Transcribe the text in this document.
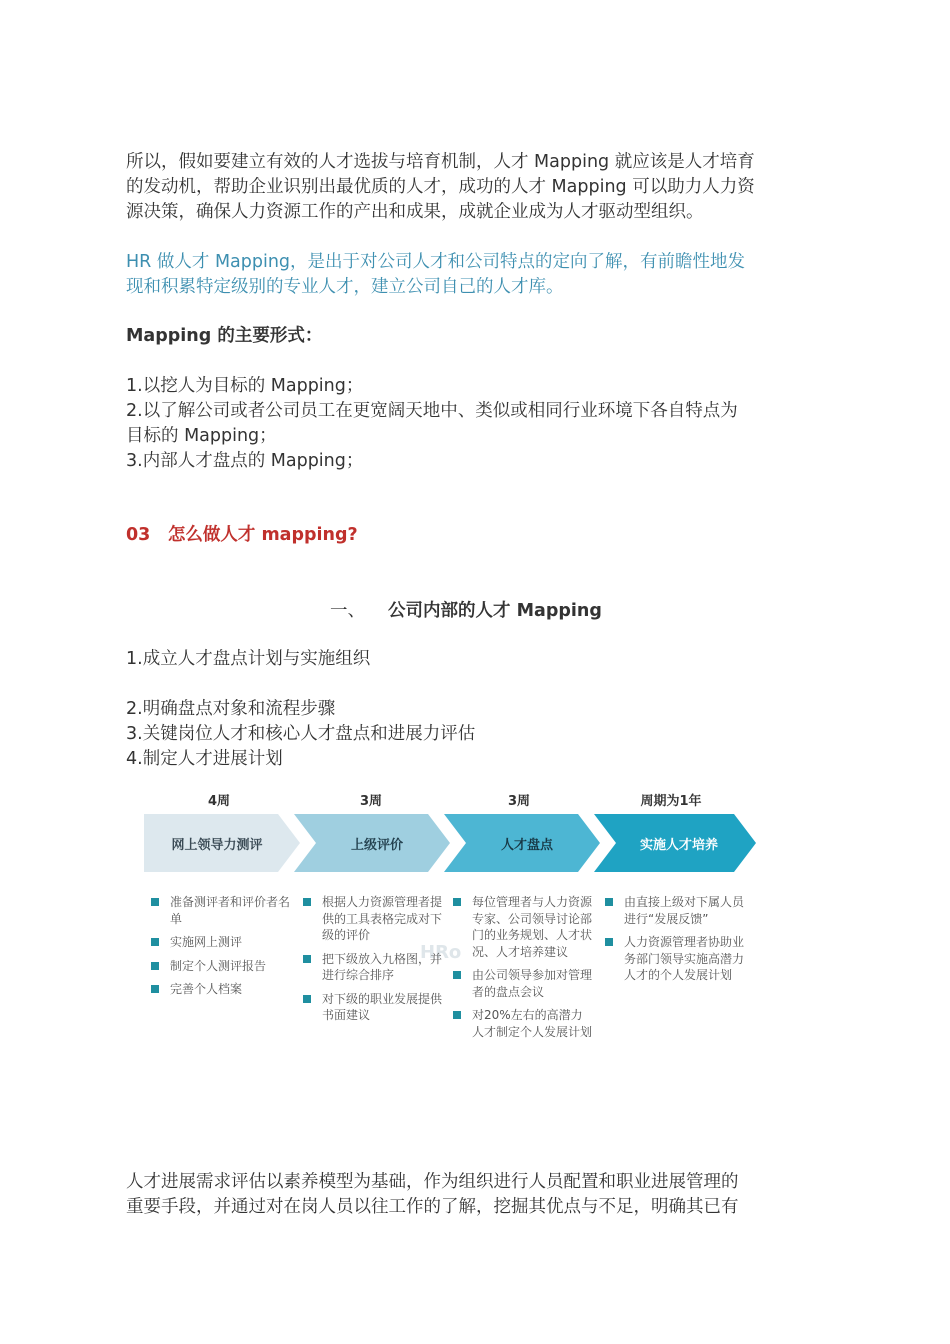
所以，假如要建立有效的人才选拔与培育机制，人才 Mapping 就应该是人才培育
的发动机，帮助企业识别出最优质的人才，成功的人才 Mapping 可以助力人力资
源决策，确保人力资源工作的产出和成果，成就企业成为人才驱动型组织。
HR 做人才 Mapping，是出于对公司人才和公司特点的定向了解，有前瞻性地发
现和积累特定级别的专业人才，建立公司自己的人才库。
Mapping 的主要形式：
1.以挖人为目标的 Mapping；
2.以了解公司或者公司员工在更宽阔天地中、类似或相同行业环境下各自特点为
目标的 Mapping；
3.内部人才盘点的 Mapping；
03　怎么做人才 mapping?
一、 公司内部的人才 Mapping
1.成立人才盘点计划与实施组织
2.明确盘点对象和流程步骤
3.关键岗位人才和核心人才盘点和进展力评估
4.制定人才进展计划
4周	3周	3周	周期为1年
网上领导力测评	上级评价	人才盘点	实施人才培养
HRo
准备测评者和评价者名单
实施网上测评
制定个人测评报告
完善个人档案
根据人力资源管理者提供的工具表格完成对下级的评价
把下级放入九格图，并进行综合排序
对下级的职业发展提供书面建议
每位管理者与人力资源专家、公司领导讨论部门的业务规划、人才状况、人才培养建议
由公司领导参加对管理者的盘点会议
对20%左右的高潜力人才制定个人发展计划
由直接上级对下属人员进行“发展反馈”
人力资源管理者协助业务部门领导实施高潜力人才的个人发展计划
人才进展需求评估以素养模型为基础，作为组织进行人员配置和职业进展管理的
重要手段，并通过对在岗人员以往工作的了解，挖掘其优点与不足，明确其已有
